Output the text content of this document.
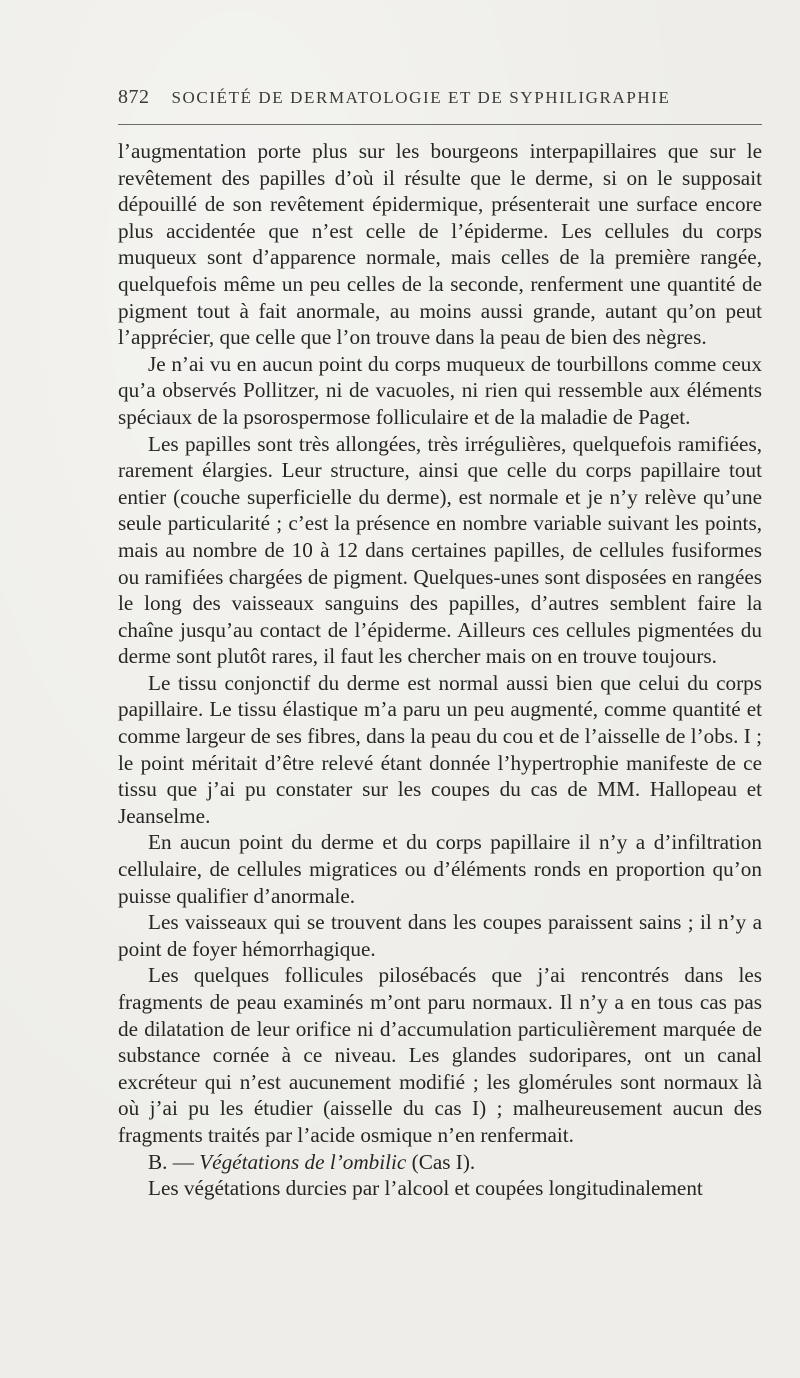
872 SOCIÉTÉ DE DERMATOLOGIE ET DE SYPHILIGRAPHIE

l’augmentation porte plus sur les bourgeons interpapillaires que sur le revêtement des papilles d’où il résulte que le derme, si on le supposait dépouillé de son revêtement épidermique, présenterait une surface encore plus accidentée que n’est celle de l’épiderme. Les cellules du corps muqueux sont d’apparence normale, mais celles de la première rangée, quelquefois même un peu celles de la seconde, renferment une quantité de pigment tout à fait anormale, au moins aussi grande, autant qu’on peut l’apprécier, que celle que l’on trouve dans la peau de bien des nègres.

Je n’ai vu en aucun point du corps muqueux de tourbillons comme ceux qu’a observés Pollitzer, ni de vacuoles, ni rien qui ressemble aux éléments spéciaux de la psorospermose folliculaire et de la maladie de Paget.

Les papilles sont très allongées, très irrégulières, quelquefois ramifiées, rarement élargies. Leur structure, ainsi que celle du corps papillaire tout entier (couche superficielle du derme), est normale et je n’y relève qu’une seule particularité ; c’est la présence en nombre variable suivant les points, mais au nombre de 10 à 12 dans certaines papilles, de cellules fusiformes ou ramifiées chargées de pigment. Quelques-unes sont disposées en rangées le long des vaisseaux sanguins des papilles, d’autres semblent faire la chaîne jusqu’au contact de l’épiderme. Ailleurs ces cellules pigmentées du derme sont plutôt rares, il faut les chercher mais on en trouve toujours.

Le tissu conjonctif du derme est normal aussi bien que celui du corps papillaire. Le tissu élastique m’a paru un peu augmenté, comme quantité et comme largeur de ses fibres, dans la peau du cou et de l’aisselle de l’obs. I ; le point méritait d’être relevé étant donnée l’hypertrophie manifeste de ce tissu que j’ai pu constater sur les coupes du cas de MM. Hallopeau et Jeanselme.

En aucun point du derme et du corps papillaire il n’y a d’infiltration cellulaire, de cellules migratices ou d’éléments ronds en proportion qu’on puisse qualifier d’anormale.

Les vaisseaux qui se trouvent dans les coupes paraissent sains ; il n’y a point de foyer hémorrhagique.

Les quelques follicules pilosébacés que j’ai rencontrés dans les fragments de peau examinés m’ont paru normaux. Il n’y a en tous cas pas de dilatation de leur orifice ni d’accumulation particulièrement marquée de substance cornée à ce niveau. Les glandes sudoripares, ont un canal excréteur qui n’est aucunement modifié ; les glomérules sont normaux là où j’ai pu les étudier (aisselle du cas I) ; malheureusement aucun des fragments traités par l’acide osmique n’en renfermait.

B. — Végétations de l’ombilic (Cas I).

Les végétations durcies par l’alcool et coupées longitudinalement
